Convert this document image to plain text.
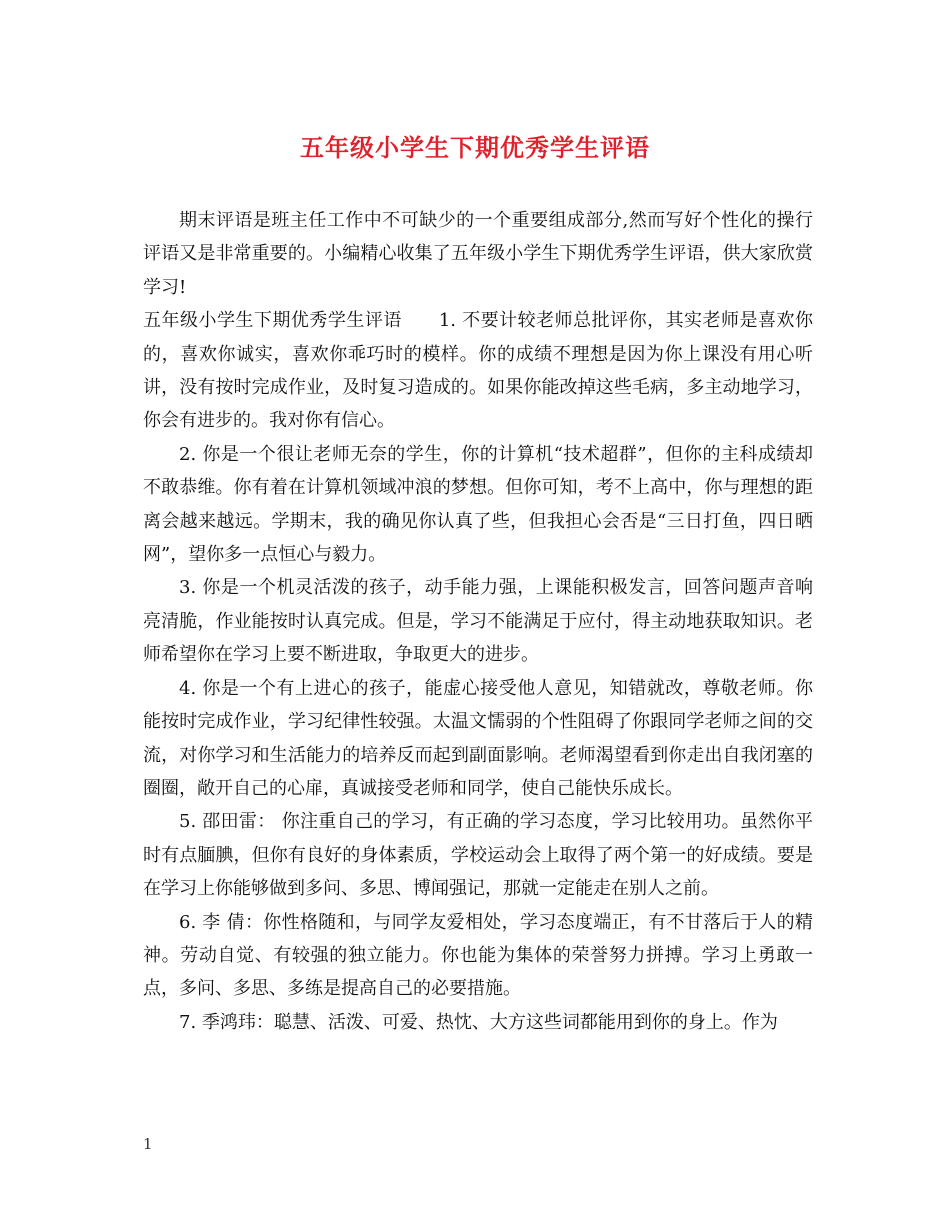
五年级小学生下期优秀学生评语

期末评语是班主任工作中不可缺少的一个重要组成部分,然而写好个性化的操行评语又是非常重要的。小编精心收集了五年级小学生下期优秀学生评语，供大家欣赏学习!

五年级小学生下期优秀学生评语　　1. 不要计较老师总批评你，其实老师是喜欢你的，喜欢你诚实，喜欢你乖巧时的模样。你的成绩不理想是因为你上课没有用心听讲，没有按时完成作业，及时复习造成的。如果你能改掉这些毛病，多主动地学习，你会有进步的。我对你有信心。

2. 你是一个很让老师无奈的学生，你的计算机“技术超群”，但你的主科成绩却不敢恭维。你有着在计算机领域冲浪的梦想。但你可知，考不上高中，你与理想的距离会越来越远。学期末，我的确见你认真了些，但我担心会否是“三日打鱼，四日晒网”，望你多一点恒心与毅力。

3. 你是一个机灵活泼的孩子，动手能力强，上课能积极发言，回答问题声音响亮清脆，作业能按时认真完成。但是，学习不能满足于应付，得主动地获取知识。老师希望你在学习上要不断进取，争取更大的进步。

4. 你是一个有上进心的孩子，能虚心接受他人意见，知错就改，尊敬老师。你能按时完成作业，学习纪律性较强。太温文懦弱的个性阻碍了你跟同学老师之间的交流，对你学习和生活能力的培养反而起到副面影响。老师渴望看到你走出自我闭塞的圈圈，敞开自己的心扉，真诚接受老师和同学，使自己能快乐成长。

5. 邵田雷： 你注重自己的学习，有正确的学习态度，学习比较用功。虽然你平时有点腼腆，但你有良好的身体素质，学校运动会上取得了两个第一的好成绩。要是在学习上你能够做到多问、多思、博闻强记，那就一定能走在别人之前。

6. 李 倩：你性格随和，与同学友爱相处，学习态度端正，有不甘落后于人的精神。劳动自觉、有较强的独立能力。你也能为集体的荣誉努力拼搏。学习上勇敢一点，多问、多思、多练是提高自己的必要措施。

7. 季鸿玮：聪慧、活泼、可爱、热忱、大方这些词都能用到你的身上。作为

1
